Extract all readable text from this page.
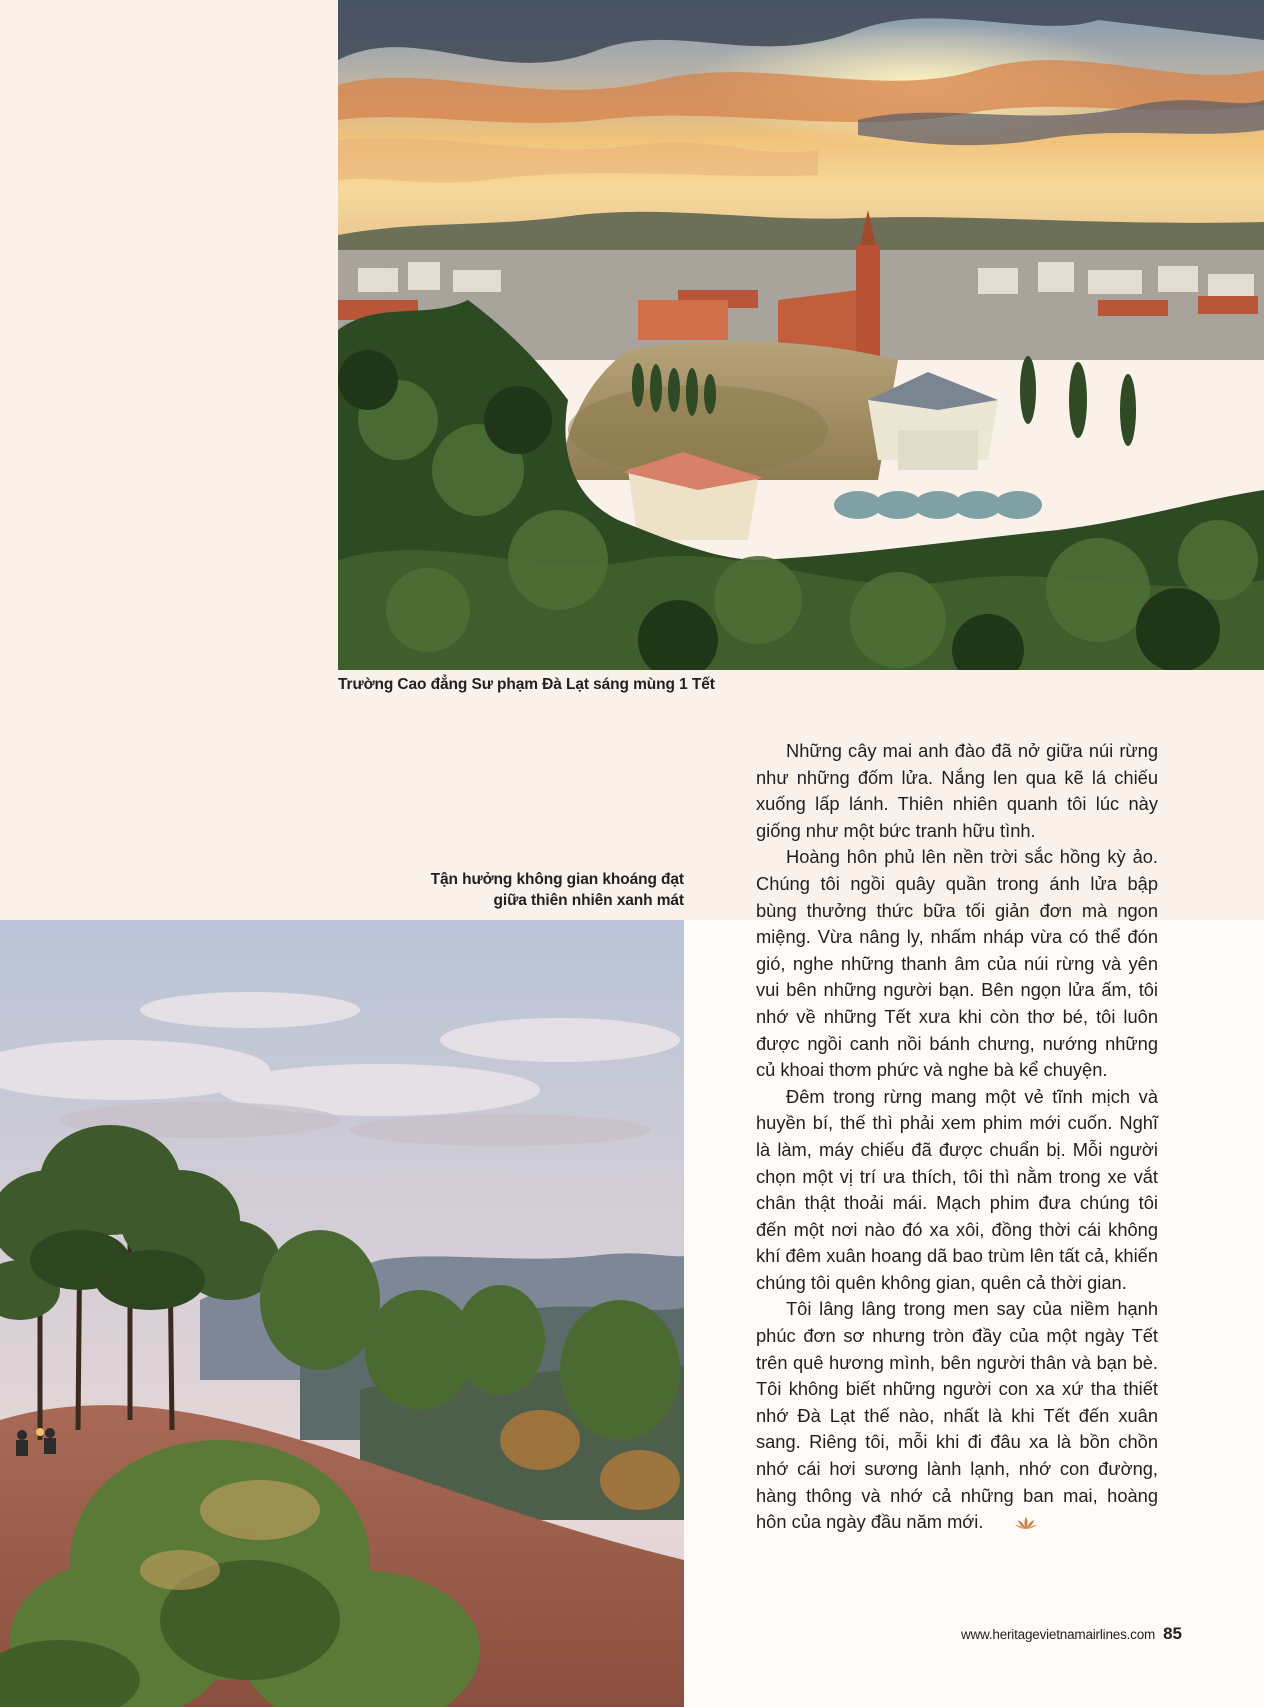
Trường Cao đẳng Sư phạm Đà Lạt sáng mùng 1 Tết
Tận hưởng không gian khoáng đạt
giữa thiên nhiên xanh mát

Những cây mai anh đào đã nở giữa núi rừng như những đốm lửa. Nắng len qua kẽ lá chiếu xuống lấp lánh. Thiên nhiên quanh tôi lúc này giống như một bức tranh hữu tình.

Hoàng hôn phủ lên nền trời sắc hồng kỳ ảo. Chúng tôi ngồi quây quần trong ánh lửa bập bùng thưởng thức bữa tối giản đơn mà ngon miệng. Vừa nâng ly, nhấm nháp vừa có thể đón gió, nghe những thanh âm của núi rừng và yên vui bên những người bạn. Bên ngọn lửa ấm, tôi nhớ về những Tết xưa khi còn thơ bé, tôi luôn được ngồi canh nồi bánh chưng, nướng những củ khoai thơm phức và nghe bà kể chuyện.

Đêm trong rừng mang một vẻ tĩnh mịch và huyền bí, thế thì phải xem phim mới cuốn. Nghĩ là làm, máy chiếu đã được chuẩn bị. Mỗi người chọn một vị trí ưa thích, tôi thì nằm trong xe vắt chân thật thoải mái. Mạch phim đưa chúng tôi đến một nơi nào đó xa xôi, đồng thời cái không khí đêm xuân hoang dã bao trùm lên tất cả, khiến chúng tôi quên không gian, quên cả thời gian.

Tôi lâng lâng trong men say của niềm hạnh phúc đơn sơ nhưng tròn đầy của một ngày Tết trên quê hương mình, bên người thân và bạn bè. Tôi không biết những người con xa xứ tha thiết nhớ Đà Lạt thế nào, nhất là khi Tết đến xuân sang. Riêng tôi, mỗi khi đi đâu xa là bồn chồn nhớ cái hơi sương lành lạnh, nhớ con đường, hàng thông và nhớ cả những ban mai, hoàng hôn của ngày đầu năm mới.

www.heritagevietnamairlines.com 85
